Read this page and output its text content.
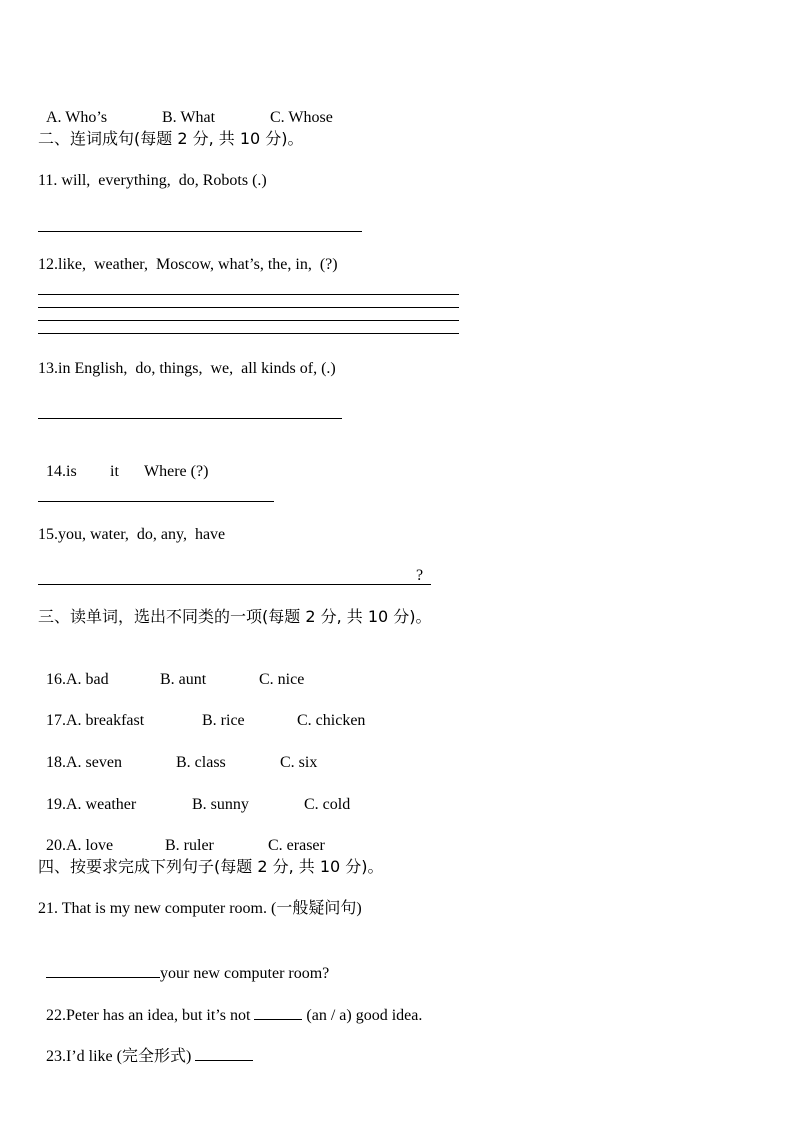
A. Who’s	B. What	C. Whose

二、连词成句(每题 2 分, 共 10 分)。
11. will,  everything,  do, Robots (.)
12.like,  weather,  Moscow, what’s, the, in,  (?)
13.in English,  do, things,  we,  all kinds of, (.)

14.is it Where (?)

15.you, water,  do, any,  have
?
三、读单词，选出不同类的一项(每题 2 分, 共 10 分)。

16.A. bad	B. aunt	C. nice

17.A. breakfast	B. rice	C. chicken

18.A. seven	B. class	C. six

19.A. weather	B. sunny	C. cold

20.A. love	B. ruler	C. eraser

四、按要求完成下列句子(每题 2 分, 共 10 分)。
21. That is my new computer room. (一般疑问句)

your new computer room?

22.Peter has an idea, but it’s not	(an / a) good idea.

23.I’d like (完全形式)
